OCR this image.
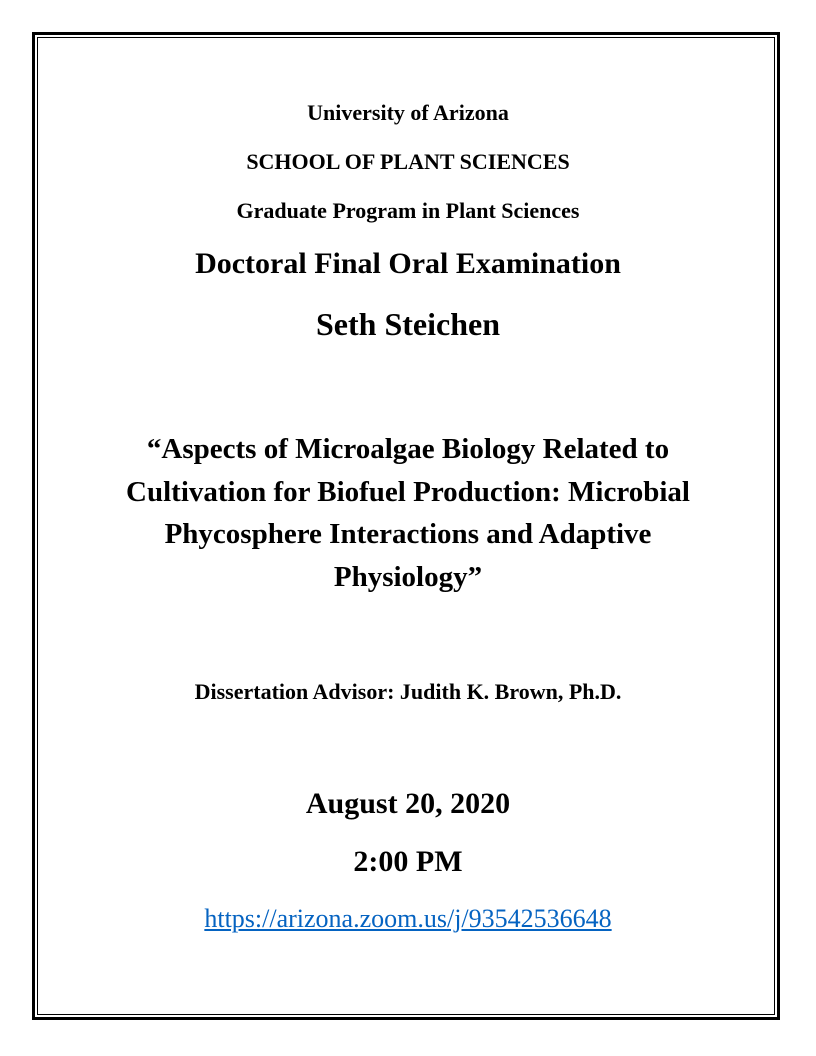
University of Arizona
SCHOOL OF PLANT SCIENCES
Graduate Program in Plant Sciences
Doctoral Final Oral Examination
Seth Steichen
“Aspects of Microalgae Biology Related to
Cultivation for Biofuel Production: Microbial
Phycosphere Interactions and Adaptive
Physiology”
Dissertation Advisor: Judith K. Brown, Ph.D.
August 20, 2020
2:00 PM
https://arizona.zoom.us/j/93542536648
